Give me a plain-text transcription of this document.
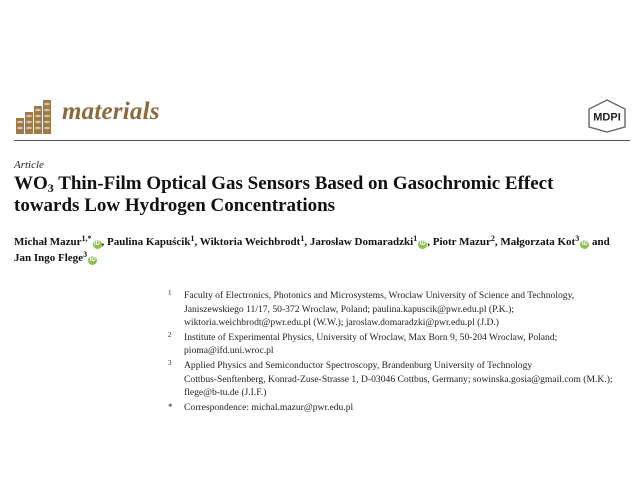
materials	MDPI
Article
$WO_3$ Thin-Film Optical Gas Sensors Based on Gasochromic Effect towards Low Hydrogen Concentrations
Michał Mazur$^{1,*}$iD , Paulina Kapuścik$^1$, Wiktoria Weichbrodt$^1$, Jarosław Domaradzki$^1$iD , Piotr Mazur$^2$, Małgorzata Kot$^3$iD and Jan Ingo Flege$^3$iD
1 Faculty of Electronics, Photonics and Microsystems, Wroclaw University of Science and Technology,
Janiszewskiego 11/17, 50-372 Wroclaw, Poland; paulina.kapuscik@pwr.edu.pl (P.K.);
wiktoria.weichbrodt@pwr.edu.pl (W.W.); jaroslaw.domaradzki@pwr.edu.pl (J.D.)
2 Institute of Experimental Physics, University of Wroclaw, Max Born 9, 50-204 Wroclaw, Poland;
pioma@ifd.uni.wroc.pl
3 Applied Physics and Semiconductor Spectroscopy, Brandenburg University of Technology
Cottbus-Senftenberg, Konrad-Zuse-Strasse 1, D-03046 Cottbus, Germany; sowinska.gosia@gmail.com (M.K.);
flege@b-tu.de (J.I.F.)
* Correspondence: michal.mazur@pwr.edu.pl
